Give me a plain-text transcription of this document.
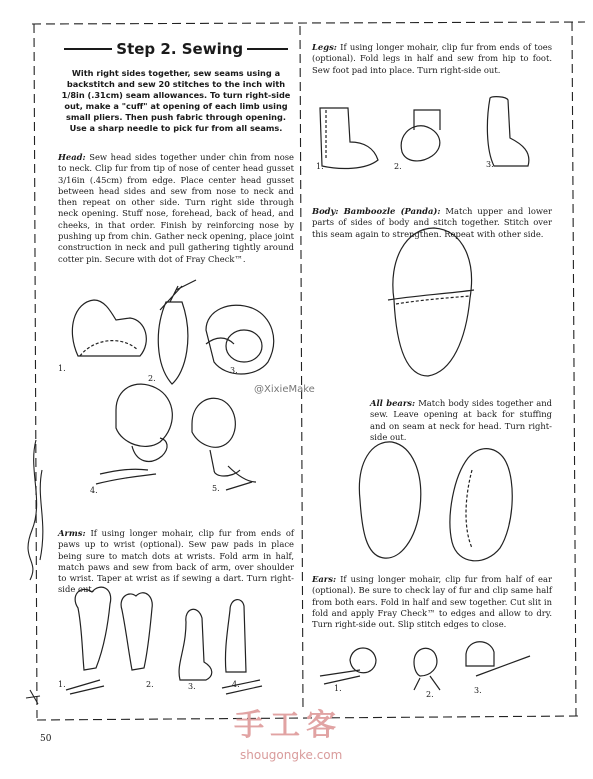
Step 2. Sewing

With right sides together, sew seams using a backstitch and sew 20 stitches to the inch with 1/8in (.31cm) seam allowances. To turn right-side out, make a "cuff" at opening of each limb using small pliers. Then push fabric through opening. Use a sharp needle to pick fur from all seams.

Head: Sew head sides together under chin from nose to neck. Clip fur from tip of nose of center head gusset 3/16in (.45cm) from edge. Place center head gusset between head sides and sew from nose to neck and then repeat on other side. Turn right side through neck opening. Stuff nose, forehead, back of head, and cheeks, in that order. Finish by reinforcing nose by pushing up from chin. Gather neck opening, place joint construction in neck and pull gathering tightly around cotter pin. Secure with dot of Fray Check™.

1.
2.
3.
4.	5.

Arms: If using longer mohair, clip fur from ends of paws up to wrist (optional). Sew paw pads in place being sure to match dots at wrists. Fold arm in half, match paws and sew from back of arm, over shoulder to wrist. Taper at wrist as if sewing a dart. Turn right-side out.

1.	2.	3.	4.

Legs: If using longer mohair, clip fur from ends of toes (optional). Fold legs in half and sew from hip to foot. Sew foot pad into place. Turn right-side out.

1.	2.	3.

Body: Bamboozle (Panda): Match upper and lower parts of sides of body and stitch together. Stitch over this seam again to strengthen. Repeat with other side.

All bears: Match body sides together and sew. Leave opening at back for stuffing and on seam at neck for head. Turn right-side out.

Ears: If using longer mohair, clip fur from half of ear (optional). Be sure to check lay of fur and clip same half from both ears. Fold in half and sew together. Cut slit in fold and apply Fray Check™ to edges and allow to dry. Turn right-side out. Slip stitch edges to close.

1.
2.	3.
50
@XixieMake
手工客
shougongke.com
